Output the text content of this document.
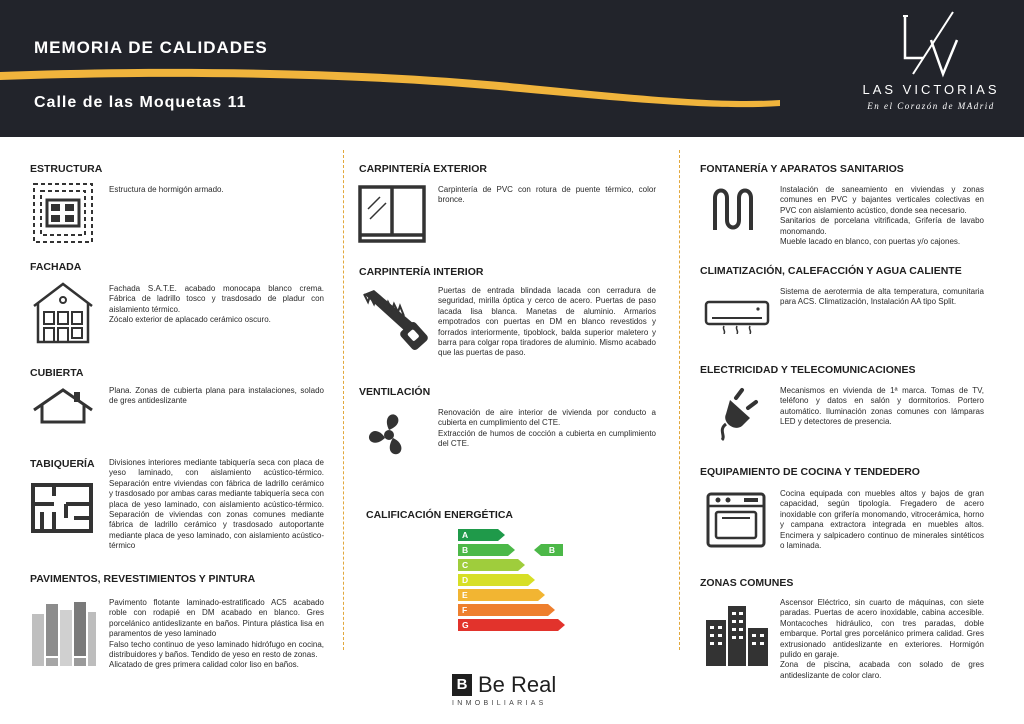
MEMORIA DE CALIDADES
Calle de las Moquetas 11
LAS VICTORIAS
En el Corazón de MAdrid
ESTRUCTURA
Estructura de hormigón armado.
FACHADA
Fachada S.A.T.E. acabado monocapa blanco crema. Fábrica de ladrillo tosco y trasdosado de pladur con aislamiento térmico.
Zócalo exterior de aplacado cerámico oscuro.
CUBIERTA
Plana. Zonas de cubierta plana para instalaciones, solado de gres antideslizante
TABIQUERÍA Divisiones interiores mediante tabiquería seca con placa de yeso laminado, con aislamiento acústico-térmico. Separación entre viviendas con fábrica de ladrillo cerámico y trasdosado por ambas caras mediante tabiquería seca con placa de yeso laminado, con aislamiento acústico-térmico. Separación de viviendas con zonas comunes mediante fábrica de ladrillo cerámico y trasdosado autoportante mediante placa de yeso laminado, con aislamiento acústico-térmico
PAVIMENTOS, REVESTIMIENTOS Y PINTURA
Pavimento flotante laminado-estratificado AC5 acabado roble con rodapié en DM acabado en blanco. Gres porcelánico antideslizante en baños. Pintura plástica lisa en paramentos de yeso laminado
Falso techo continuo de yeso laminado hidrófugo en cocina, distribuidores y baños. Tendido de yeso en resto de zonas.
Alicatado de gres primera calidad color liso en baños.
CARPINTERÍA EXTERIOR
Carpintería de PVC con rotura de puente térmico, color bronce.
CARPINTERÍA INTERIOR
Puertas de entrada blindada lacada con cerradura de seguridad, mirilla óptica y cerco de acero. Puertas de paso lacada lisa blanca. Manetas de aluminio. Armarios empotrados con puertas en DM en blanco revestidos y forrados interiormente, tipoblock, balda superior maletero y barra para colgar ropa tiradores de aluminio. Mismo acabado que las puertas de paso.
VENTILACIÓN
Renovación de aire interior de vivienda por conducto a cubierta en cumplimiento del CTE.
Extracción de humos de cocción a cubierta en cumplimiento del CTE.
CALIFICACIÓN ENERGÉTICA
A
B
C
D
E
F
G
B
FONTANERÍA Y APARATOS SANITARIOS
Instalación de saneamiento en viviendas y zonas comunes en PVC y bajantes verticales colectivas en PVC con aislamiento acústico, donde sea necesario.
Sanitarios de porcelana vitrificada, Grifería de lavabo monomando.
Mueble lacado en blanco, con puertas y/o cajones.
CLIMATIZACIÓN, CALEFACCIÓN Y AGUA CALIENTE
Sistema de aerotermia de alta temperatura, comunitaria para ACS. Climatización, Instalación AA tipo Split.
ELECTRICIDAD Y TELECOMUNICACIONES
Mecanismos en vivienda de 1ª marca. Tomas de TV, teléfono y datos en salón y dormitorios. Portero automático. Iluminación zonas comunes con lámparas LED y detectores de presencia.
EQUIPAMIENTO DE COCINA Y TENDEDERO
Cocina equipada con muebles altos y bajos de gran capacidad, según tipología. Fregadero de acero inoxidable con grifería monomando, vitrocerámica, horno y campana extractora integrada en muebles altos. Encimera y salpicadero continuo de minerales sintéticos o laminada.
ZONAS COMUNES
Ascensor Eléctrico, sin cuarto de máquinas, con siete paradas. Puertas de acero inoxidable, cabina accesible. Montacoches hidráulico, con tres paradas, doble embarque. Portal gres porcelánico primera calidad. Gres extrusionado antideslizante en exteriores. Hormigón pulido en garaje.
Zona de piscina, acabada con solado de gres antideslizante de color claro.
B Be Real
INMOBILIARIAS
